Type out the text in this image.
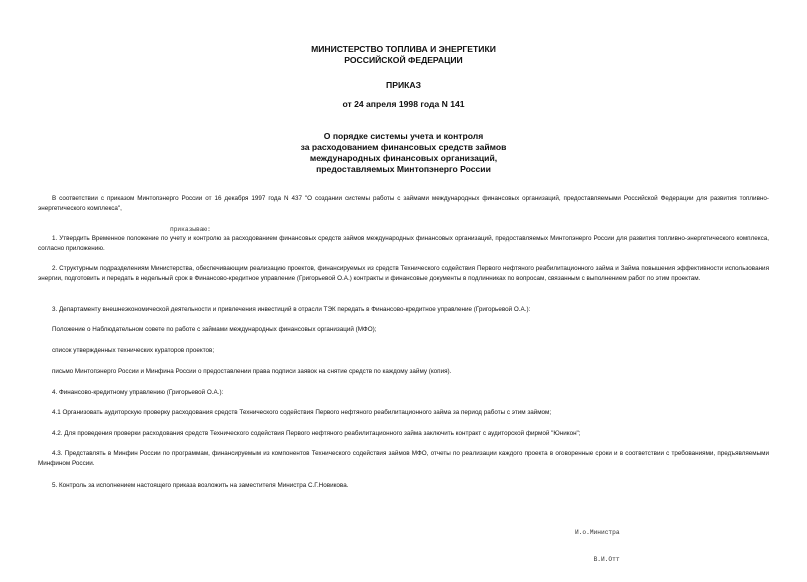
МИНИСТЕРСТВО ТОПЛИВА И ЭНЕРГЕТИКИ
РОССИЙСКОЙ ФЕДЕРАЦИИ
ПРИКАЗ
от 24 апреля 1998 года N 141
О порядке системы учета и контроля
за расходованием финансовых средств займов
международных финансовых организаций,
предоставляемых Минтопэнерго России
В соответствии с приказом Минтопэнерго России от 16 декабря 1997 года N 437 "О создании системы работы с займами международных финансовых организаций, предоставляемыми Российской Федерации для развития топливно-энергетического комплекса",
приказываю:
1. Утвердить Временное положение по учету и контролю за расходованием финансовых средств займов международных финансовых организаций, предоставляемых Минтопэнерго России для развития топливно-энергетического комплекса, согласно приложению.
2. Структурным подразделениям Министерства, обеспечивающим реализацию проектов, финансируемых из средств Технического содействия Первого нефтяного реабилитационного займа и Займа повышения эффективности использования энергии, подготовить и передать в недельный срок в Финансово-кредитное управление (Григорьевой О.А.) контракты и финансовые документы в подлинниках по вопросам, связанным с выполнением работ по этим проектам.
3. Департаменту внешнеэкономической деятельности и привлечения инвестиций в отрасли ТЭК передать в Финансово-кредитное управление (Григорьевой О.А.):
Положение о Наблюдательном совете по работе с займами международных финансовых организаций (МФО);
список утвержденных технических кураторов проектов;
письмо Минтопэнерго России и Минфина России о предоставлении права подписи заявок на снятие средств по каждому займу (копия).
4. Финансово-кредитному управлению (Григорьевой О.А.):
4.1 Организовать аудиторскую проверку расходования средств Технического содействия Первого нефтяного реабилитационного займа за период работы с этим займом;
4.2. Для проведения проверки расходования средств Технического содействия Первого нефтяного реабилитационного займа заключить контракт с аудиторской фирмой "Юникон";
4.3. Представлять в Минфин России по программам, финансируемым из компонентов Технического содействия займов МФО, отчеты по реализации каждого проекта в оговоренные сроки и в соответствии с требованиями, предъявляемыми Минфином России.
5. Контроль за исполнением настоящего приказа возложить на заместителя Министра С.Г.Новикова.

И.о.Министра

В.И.Отт
